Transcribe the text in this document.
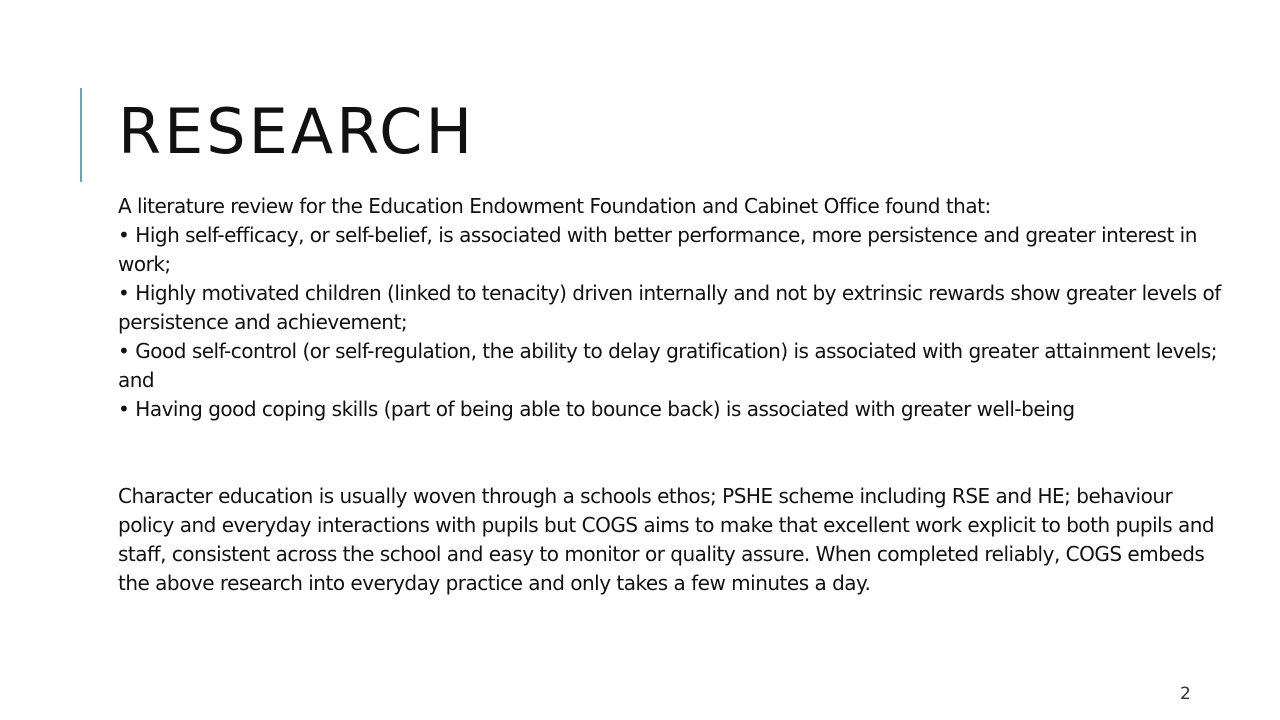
RESEARCH

A literature review for the Education Endowment Foundation and Cabinet Office found that:

• High self-efficacy, or self-belief, is associated with better performance, more persistence and greater interest in work;
• Highly motivated children (linked to tenacity) driven internally and not by extrinsic rewards show greater levels of persistence and achievement;
• Good self-control (or self-regulation, the ability to delay gratification) is associated with greater attainment levels; and
• Having good coping skills (part of being able to bounce back) is associated with greater well-being

Character education is usually woven through a schools ethos; PSHE scheme including RSE and HE; behaviour policy and everyday interactions with pupils but COGS aims to make that excellent work explicit to both pupils and staff, consistent across the school and easy to monitor or quality assure. When completed reliably, COGS embeds the above research into everyday practice and only takes a few minutes a day.

2
